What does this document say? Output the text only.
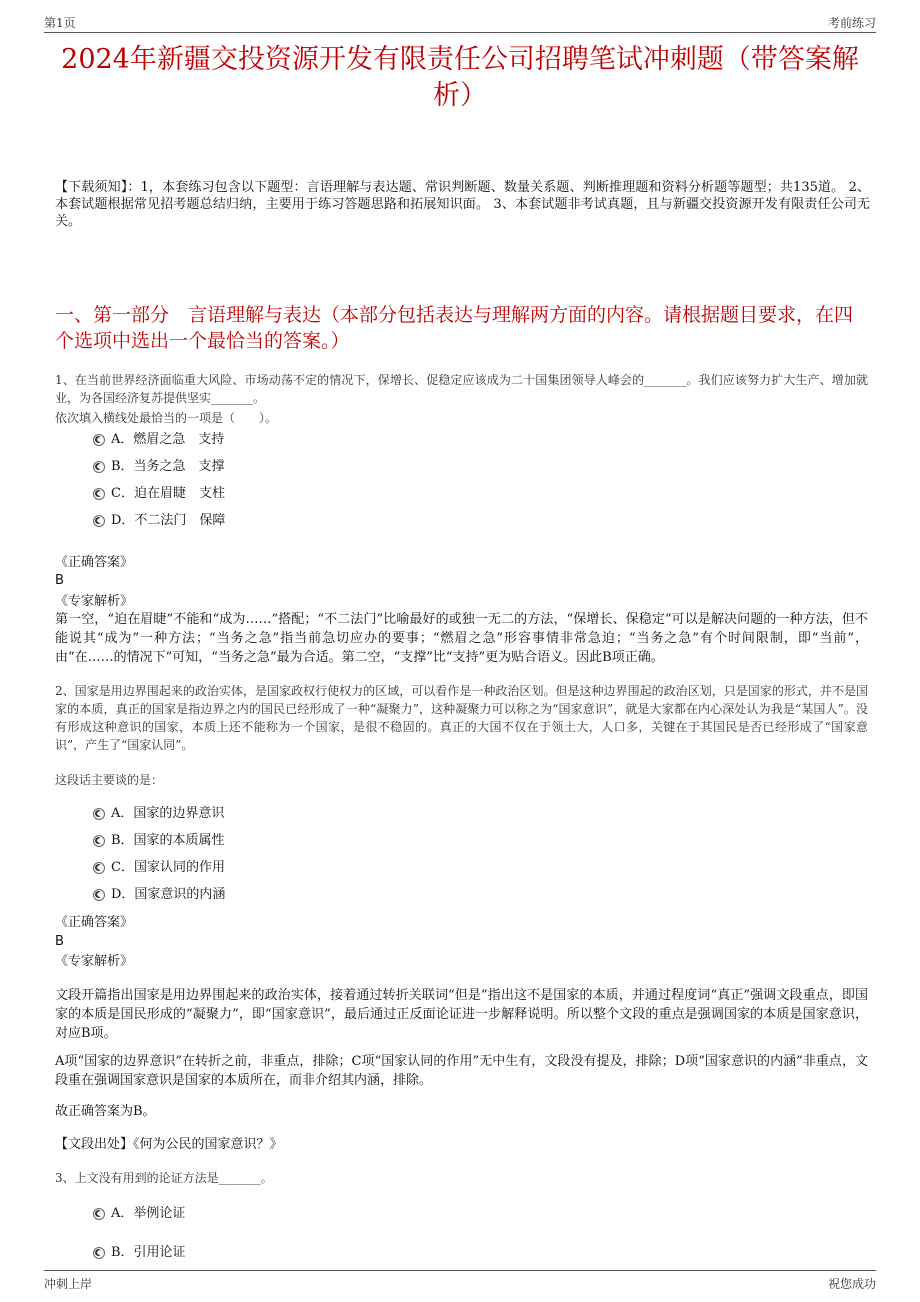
第1页	考前练习
2024年新疆交投资源开发有限责任公司招聘笔试冲刺题（带答案解析）
【下载须知】：1，本套练习包含以下题型：言语理解与表达题、常识判断题、数量关系题、判断推理题和资料分析题等题型；共135道。 2、本套试题根据常见招考题总结归纳，主要用于练习答题思路和拓展知识面。 3、本套试题非考试真题，且与新疆交投资源开发有限责任公司无关。
一、第一部分　言语理解与表达（本部分包括表达与理解两方面的内容。请根据题目要求，在四个选项中选出一个最恰当的答案。）
1、在当前世界经济面临重大风险、市场动荡不定的情况下，保增长、促稳定应该成为二十国集团领导人峰会的_______。我们应该努力扩大生产、增加就业，为各国经济复苏提供坚实_______。
依次填入横线处最恰当的一项是（　　）。
A．燃眉之急　支持
B．当务之急　支撑
C．迫在眉睫　支柱
D．不二法门　保障
《正确答案》
B
《专家解析》
第一空，“迫在眉睫”不能和“成为……”搭配；“不二法门”比喻最好的或独一无二的方法，“保增长、保稳定”可以是解决问题的一种方法，但不能说其“成为”一种方法；“当务之急”指当前急切应办的要事；“燃眉之急”形容事情非常急迫；“当务之急”有个时间限制，即“当前”，由“在……的情况下”可知，“当务之急”最为合适。第二空，“支撑”比“支持”更为贴合语义。因此B项正确。
2、国家是用边界围起来的政治实体，是国家政权行使权力的区域，可以看作是一种政治区划。但是这种边界围起的政治区划，只是国家的形式，并不是国家的本质，真正的国家是指边界之内的国民已经形成了一种“凝聚力”，这种凝聚力可以称之为“国家意识”，就是大家都在内心深处认为我是“某国人”。没有形成这种意识的国家，本质上还不能称为一个国家，是很不稳固的。真正的大国不仅在于领土大，人口多，关键在于其国民是否已经形成了“国家意识”，产生了“国家认同”。
这段话主要谈的是：
A．国家的边界意识
B．国家的本质属性
C．国家认同的作用
D．国家意识的内涵
《正确答案》
B
《专家解析》
文段开篇指出国家是用边界围起来的政治实体，接着通过转折关联词“但是”指出这不是国家的本质，并通过程度词“真正”强调文段重点，即国家的本质是国民形成的“凝聚力”，即“国家意识”，最后通过正反面论证进一步解释说明。所以整个文段的重点是强调国家的本质是国家意识，对应B项。
A项“国家的边界意识”在转折之前，非重点，排除；C项“国家认同的作用”无中生有，文段没有提及，排除；D项“国家意识的内涵”非重点，文段重在强调国家意识是国家的本质所在，而非介绍其内涵，排除。
故正确答案为B。
【文段出处】《何为公民的国家意识？》
3、上文没有用到的论证方法是_______。
A．举例论证
B．引用论证
冲刺上岸	祝您成功
